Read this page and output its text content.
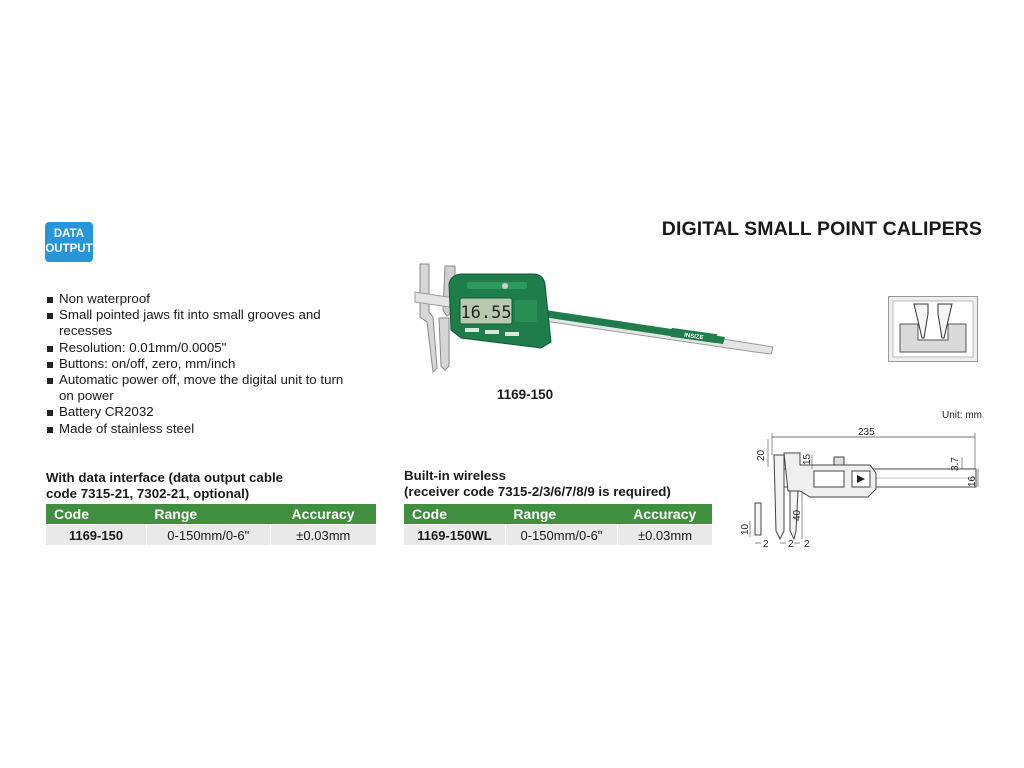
DATA
OUTPUT
DIGITAL SMALL POINT CALIPERS
Non waterproof
Small pointed jaws fit into small grooves and recesses
Resolution: 0.01mm/0.0005"
Buttons: on/off, zero, mm/inch
Automatic power off, move the digital unit to turn on power
Battery CR2032
Made of stainless steel
INSIZE
16.55
1169-150
Unit: mm
235
20	15
40
10
3.7
16
2 2 2
With data interface (data output cable
code 7315-21, 7302-21, optional)
Code	Range	Accuracy

1169-150	0-150mm/0-6"	±0.03mm
Built-in wireless
(receiver code 7315-2/3/6/7/8/9 is required)
Code	Range	Accuracy

1169-150WL	0-150mm/0-6"	±0.03mm
